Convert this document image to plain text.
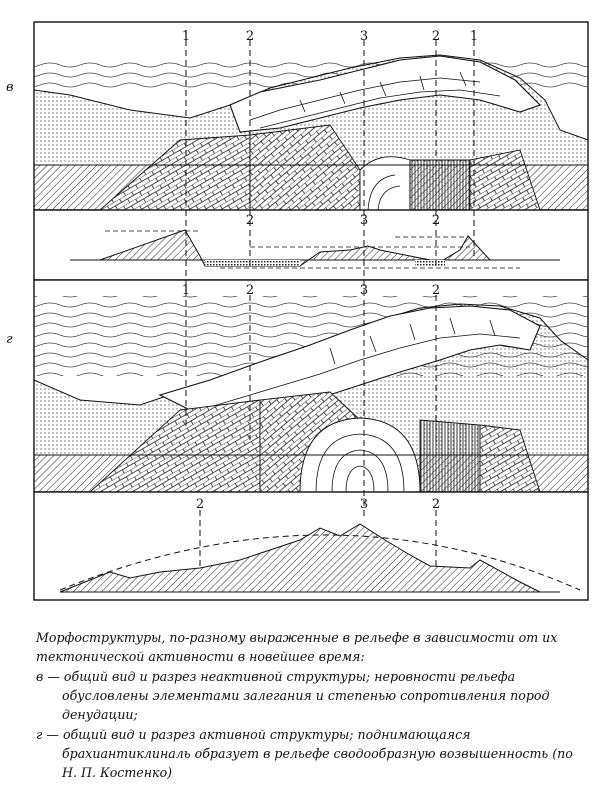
1	2	3	2 1
2	3	2
1	2	3	2
2	3	2
в
г

Морфоструктуры, по-разному выраженные в рельефе в зависимости от их тектонической активности в новейшее время:

в — общий вид и разрез неактивной структуры; неровности рельефа обусловлены элементами залегания и степенью сопротивления пород денудации;

г — общий вид и разрез активной структуры; поднимающаяся брахиантиклиналь образует в рельефе сводообразную возвышенность (по Н. П. Костенко)
